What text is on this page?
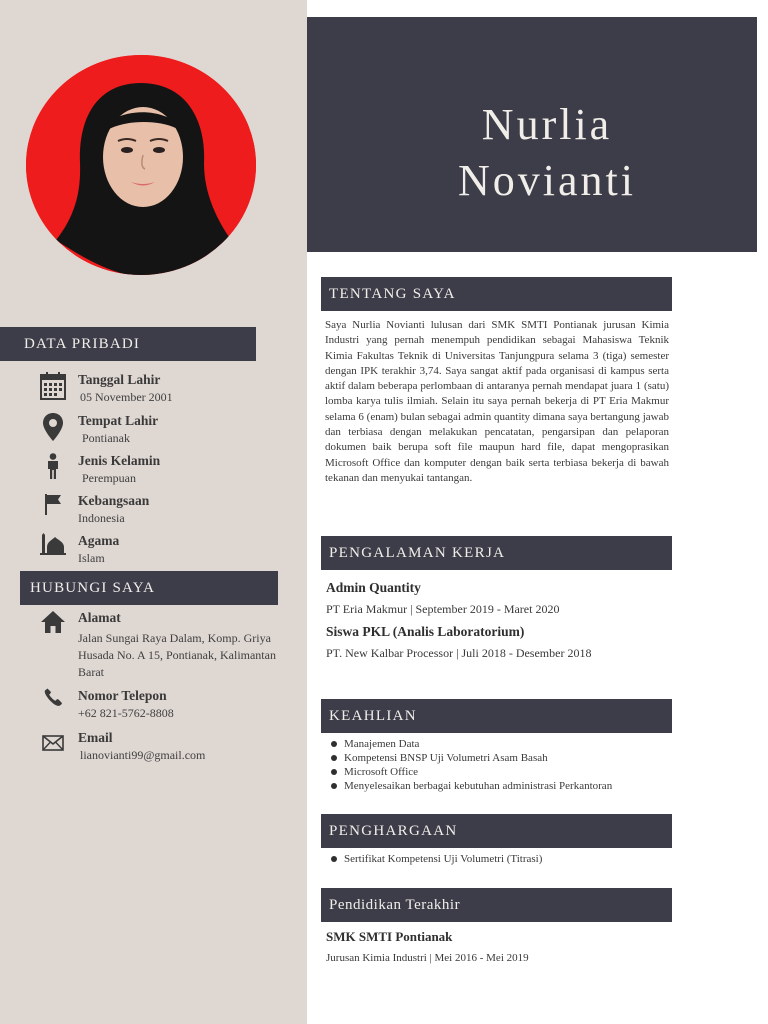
DATA PRIBADI
Tanggal Lahir
05 November 2001
Tempat Lahir
Pontianak
Jenis Kelamin
Perempuan
Kebangsaan
Indonesia
Agama
Islam
HUBUNGI SAYA
Alamat
Jalan Sungai Raya Dalam, Komp. Griya Husada No. A 15, Pontianak, Kalimantan Barat
Nomor Telepon
+62 821-5762-8808
Email
lianovianti99@gmail.com
Nurlia
Novianti
TENTANG SAYA
Saya Nurlia Novianti lulusan dari SMK SMTI Pontianak jurusan Kimia Industri yang pernah menempuh pendidikan sebagai Mahasiswa Teknik Kimia Fakultas Teknik di Universitas Tanjungpura selama 3 (tiga) semester dengan IPK terakhir 3,74. Saya sangat aktif pada organisasi di kampus serta aktif dalam beberapa perlombaan di antaranya pernah mendapat juara 1 (satu) lomba karya tulis ilmiah. Selain itu saya pernah bekerja di PT Eria Makmur selama 6 (enam) bulan sebagai admin quantity dimana saya bertangung jawab dan terbiasa dengan melakukan pencatatan, pengarsipan dan pelaporan dokumen baik berupa soft file maupun hard file, dapat mengoprasikan Microsoft Office dan komputer dengan baik serta terbiasa bekerja di bawah tekanan dan menyukai tantangan.
PENGALAMAN KERJA
Admin Quantity
PT Eria Makmur | September 2019 - Maret 2020
Siswa PKL (Analis Laboratorium)
PT. New Kalbar Processor | Juli 2018 - Desember 2018
KEAHLIAN
Manajemen Data
Kompetensi BNSP Uji Volumetri Asam Basah
Microsoft Office
Menyelesaikan berbagai kebutuhan administrasi Perkantoran
PENGHARGAAN
Sertifikat Kompetensi Uji Volumetri (Titrasi)
Pendidikan Terakhir
SMK SMTI Pontianak
Jurusan Kimia Industri | Mei 2016 - Mei 2019
